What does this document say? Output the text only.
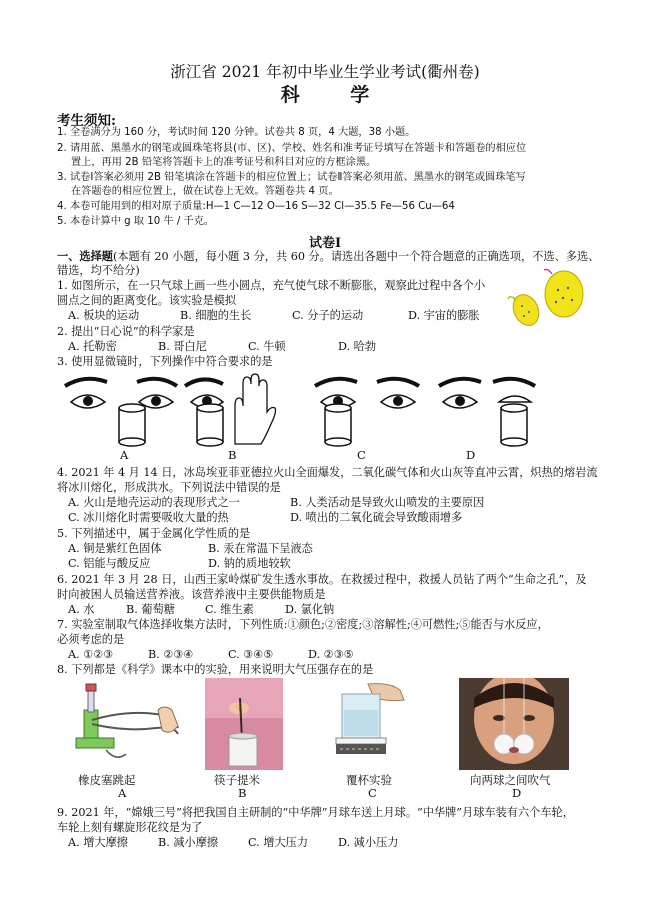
浙江省 2021 年初中毕业生学业考试(衢州卷)
科 学
考生须知:
1. 全卷满分为 160 分，考试时间 120 分钟。试卷共 8 页，4 大题，38 小题。
2. 请用蓝、黑墨水的钢笔或圆珠笔将县(市、区)、学校、姓名和准考证号填写在答题卡和答题卷的相应位
置上，再用 2B 铅笔将答题卡上的准考证号和科目对应的方框涂黑。
3. 试卷Ⅰ答案必须用 2B 铅笔填涂在答题卡的相应位置上；试卷Ⅱ答案必须用蓝、黑墨水的钢笔或圆珠笔写
在答题卷的相应位置上，做在试卷上无效。答题卷共 4 页。
4. 本卷可能用到的相对原子质量:H—1 C—12 O—16 S—32 Cl—35.5 Fe—56 Cu—64
5. 本卷计算中 g 取 10 牛 / 千克。
试卷Ⅰ
一、选择题(本题有 20 小题，每小题 3 分，共 60 分。请选出各题中一个符合题意的正确选项，不选、多选、
错选，均不给分)
1. 如图所示，在一只气球上画一些小圆点，充气使气球不断膨胀，观察此过程中各个小
圆点之间的距离变化。该实验是模拟
A. 板块的运动	B. 细胞的生长	C. 分子的运动	D. 宇宙的膨胀
2. 提出“日心说”的科学家是
A. 托勒密	B. 哥白尼	C. 牛顿	D. 哈勃
3. 使用显微镜时，下列操作中符合要求的是
A	B	C	D
4. 2021 年 4 月 14 日，冰岛埃亚菲亚德拉火山全面爆发，二氧化碳气体和火山灰等直冲云霄，炽热的熔岩流
将冰川熔化，形成洪水。下列说法中错误的是
A. 火山是地壳运动的表现形式之一	B. 人类活动是导致火山喷发的主要原因
C. 冰川熔化时需要吸收大量的热	D. 喷出的二氧化硫会导致酸雨增多
5. 下列描述中，属于金属化学性质的是
A. 铜是紫红色固体	B. 汞在常温下呈液态
C. 铝能与酸反应	D. 钠的质地较软
6. 2021 年 3 月 28 日，山西王家岭煤矿发生透水事故。在救援过程中，救援人员钻了两个“生命之孔”，及
时向被困人员输送营养液。该营养液中主要供能物质是
A. 水	B. 葡萄糖	C. 维生素	D. 氯化钠
7. 实验室制取气体选择收集方法时，下列性质:①颜色;②密度;③溶解性;④可燃性;⑤能否与水反应，
必须考虑的是
A. ①②③	B. ②③④	C. ③④⑤	D. ②③⑤
8. 下列都是《科学》课本中的实验，用来说明大气压强存在的是
橡皮塞跳起
A
筷子提米
B
覆杯实验
C
向两球之间吹气
D
9. 2021 年，“嫦娥三号”将把我国自主研制的“中华牌”月球车送上月球。“中华牌”月球车装有六个车轮，
车轮上刻有螺旋形花纹是为了
A. 增大摩擦	B. 减小摩擦	C. 增大压力	D. 减小压力
